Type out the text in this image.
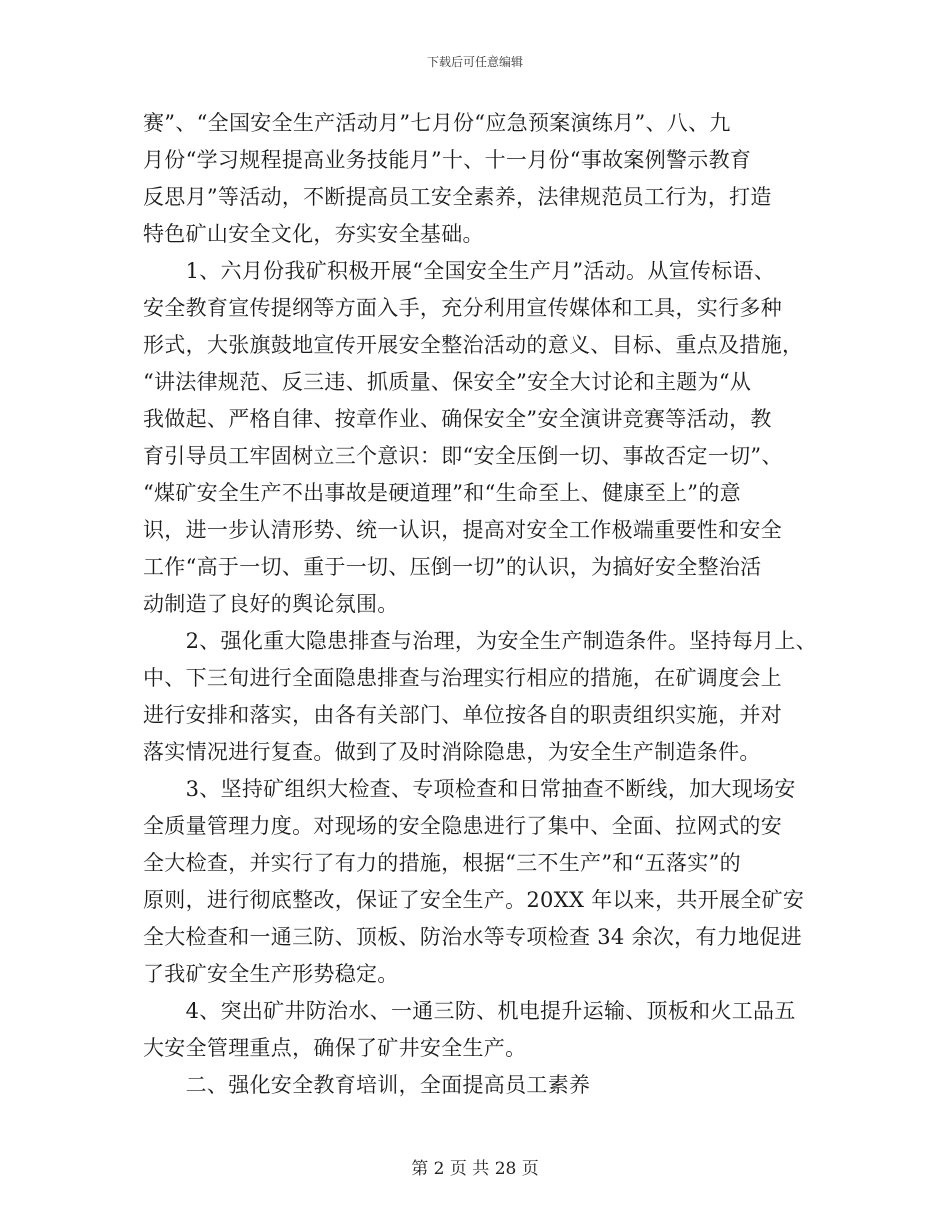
下载后可任意编辑
赛”、“全国安全生产活动月”七月份“应急预案演练月”、八、九
月份“学习规程提高业务技能月”十、十一月份“事故案例警示教育
反思月”等活动，不断提高员工安全素养，法律规范员工行为，打造
特色矿山安全文化，夯实安全基础。
　　1、六月份我矿积极开展“全国安全生产月”活动。从宣传标语、
安全教育宣传提纲等方面入手，充分利用宣传媒体和工具，实行多种
形式，大张旗鼓地宣传开展安全整治活动的意义、目标、重点及措施，
“讲法律规范、反三违、抓质量、保安全”安全大讨论和主题为“从
我做起、严格自律、按章作业、确保安全”安全演讲竞赛等活动，教
育引导员工牢固树立三个意识：即“安全压倒一切、事故否定一切”、
“煤矿安全生产不出事故是硬道理”和“生命至上、健康至上”的意
识，进一步认清形势、统一认识，提高对安全工作极端重要性和安全
工作“高于一切、重于一切、压倒一切”的认识，为搞好安全整治活
动制造了良好的舆论氛围。
　　2、强化重大隐患排查与治理，为安全生产制造条件。坚持每月上、
中、下三旬进行全面隐患排查与治理实行相应的措施，在矿调度会上
进行安排和落实，由各有关部门、单位按各自的职责组织实施，并对
落实情况进行复查。做到了及时消除隐患，为安全生产制造条件。
　　3、坚持矿组织大检查、专项检查和日常抽查不断线，加大现场安
全质量管理力度。对现场的安全隐患进行了集中、全面、拉网式的安
全大检查，并实行了有力的措施，根据“三不生产”和“五落实”的
原则，进行彻底整改，保证了安全生产。20XX 年以来，共开展全矿安
全大检查和一通三防、顶板、防治水等专项检查 34 余次，有力地促进
了我矿安全生产形势稳定。
　　4、突出矿井防治水、一通三防、机电提升运输、顶板和火工品五
大安全管理重点，确保了矿井安全生产。
　　二、强化安全教育培训，全面提高员工素养
第 2 页 共 28 页
